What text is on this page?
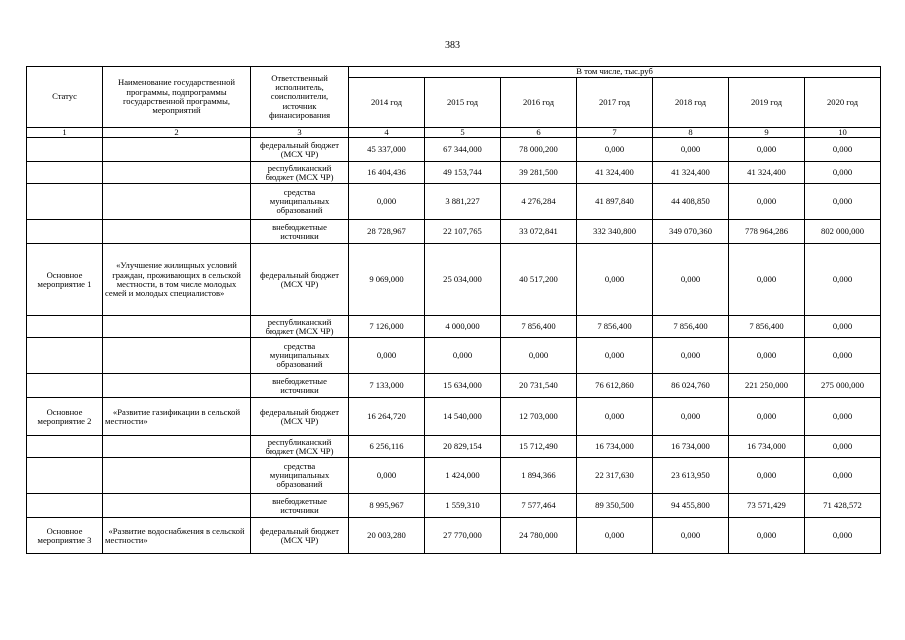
383
Статус	Наименование государственной программы, подпрограммы государственной программы, мероприятий	Ответственный исполнитель, соисполнители, источник финансирования	В том числе, тыс.руб						
			2014 год	2015 год	2016 год	2017 год	2018 год	2019 год	2020 год
1	2	3	4	5	6	7	8	9	10
		федеральный бюджет (МСХ ЧР)	45 337,000	67 344,000	78 000,200	0,000	0,000	0,000	0,000
		республиканский бюджет (МСХ ЧР)	16 404,436	49 153,744	39 281,500	41 324,400	41 324,400	41 324,400	0,000
		средства муниципальных образований	0,000	3 881,227	4 276,284	41 897,840	44 408,850	0,000	0,000
		внебюджетные источники	28 728,967	22 107,765	33 072,841	332 340,800	349 070,360	778 964,286	802 000,000
Основное мероприятие 1	«Улучшение жилищных условий граждан, проживающих в сельской местности, в том числе молодых семей и молодых специалистов»	федеральный бюджет (МСХ ЧР)	9 069,000	25 034,000	40 517,200	0,000	0,000	0,000	0,000
		республиканский бюджет (МСХ ЧР)	7 126,000	4 000,000	7 856,400	7 856,400	7 856,400	7 856,400	0,000
		средства муниципальных образований	0,000	0,000	0,000	0,000	0,000	0,000	0,000
		внебюджетные источники	7 133,000	15 634,000	20 731,540	76 612,860	86 024,760	221 250,000	275 000,000
Основное мероприятие 2	«Развитие газификации в сельской местности»	федеральный бюджет (МСХ ЧР)	16 264,720	14 540,000	12 703,000	0,000	0,000	0,000	0,000
		республиканский бюджет (МСХ ЧР)	6 256,116	20 829,154	15 712,490	16 734,000	16 734,000	16 734,000	0,000
		средства муниципальных образований	0,000	1 424,000	1 894,366	22 317,630	23 613,950	0,000	0,000
		внебюджетные источники	8 995,967	1 559,310	7 577,464	89 350,500	94 455,800	73 571,429	71 428,572
Основное мероприятие 3	«Развитие водоснабжения в сельской местности»	федеральный бюджет (МСХ ЧР)	20 003,280	27 770,000	24 780,000	0,000	0,000	0,000	0,000
